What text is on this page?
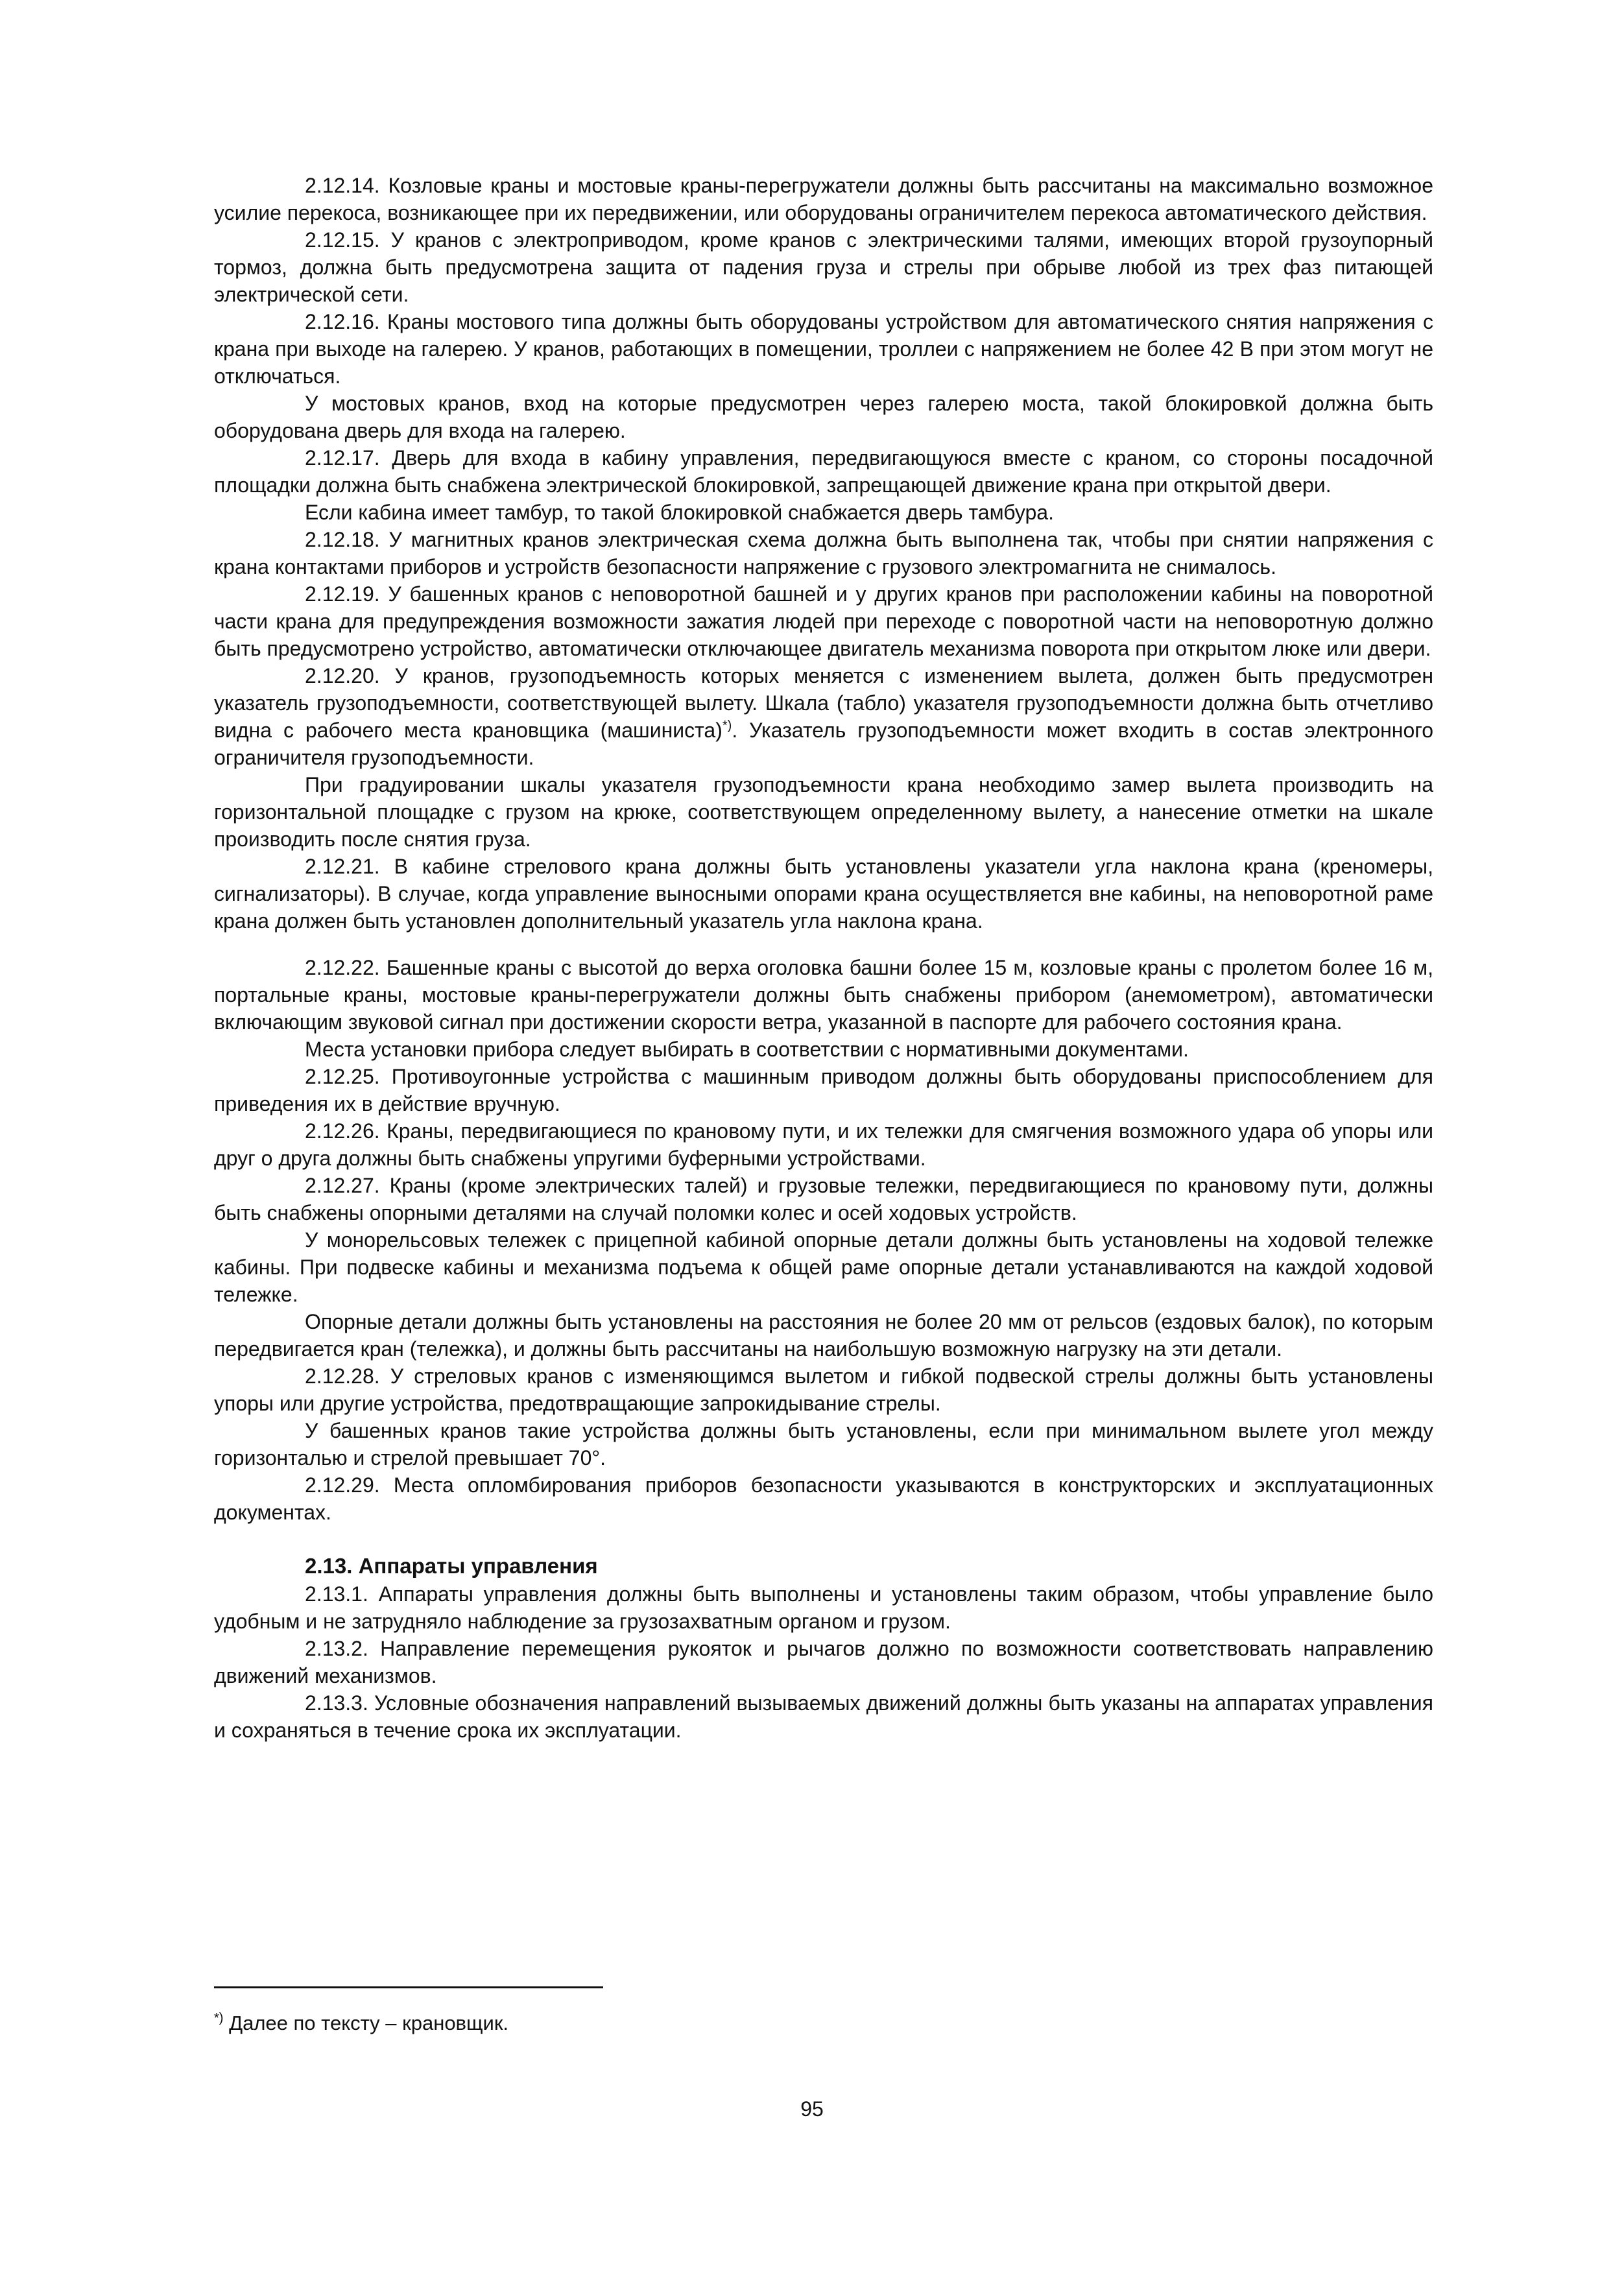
2.12.14. Козловые краны и мостовые краны-перегружатели должны быть рассчитаны на максимально возможное усилие перекоса, возникающее при их передвижении, или оборудованы ограничителем перекоса автоматического действия.

2.12.15. У кранов с электроприводом, кроме кранов с электрическими талями, имеющих второй грузоупорный тормоз, должна быть предусмотрена защита от падения груза и стрелы при обрыве любой из трех фаз питающей электрической сети.

2.12.16. Краны мостового типа должны быть оборудованы устройством для автоматического снятия напряжения с крана при выходе на галерею. У кранов, работающих в помещении, троллеи с напряжением не более 42 В при этом могут не отключаться.

У мостовых кранов, вход на которые предусмотрен через галерею моста, такой блокировкой должна быть оборудована дверь для входа на галерею.

2.12.17. Дверь для входа в кабину управления, передвигающуюся вместе с краном, со стороны посадочной площадки должна быть снабжена электрической блокировкой, запрещающей движение крана при открытой двери.

Если кабина имеет тамбур, то такой блокировкой снабжается дверь тамбура.

2.12.18. У магнитных кранов электрическая схема должна быть выполнена так, чтобы при снятии напряжения с крана контактами приборов и устройств безопасности напряжение с грузового электромагнита не снималось.

2.12.19. У башенных кранов с неповоротной башней и у других кранов при расположении кабины на поворотной части крана для предупреждения возможности зажатия людей при переходе с поворотной части на неповоротную должно быть предусмотрено устройство, автоматически отключающее двигатель механизма поворота при открытом люке или двери.

2.12.20. У кранов, грузоподъемность которых меняется с изменением вылета, должен быть предусмотрен указатель грузоподъемности, соответствующей вылету. Шкала (табло) указателя грузоподъемности должна быть отчетливо видна с рабочего места крановщика (машиниста)*). Указатель грузоподъемности может входить в состав электронного ограничителя грузоподъемности.

При градуировании шкалы указателя грузоподъемности крана необходимо замер вылета производить на горизонтальной площадке с грузом на крюке, соответствующем определенному вылету, а нанесение отметки на шкале производить после снятия груза.

2.12.21. В кабине стрелового крана должны быть установлены указатели угла наклона крана (креномеры, сигнализаторы). В случае, когда управление выносными опорами крана осуществляется вне кабины, на неповоротной раме крана должен быть установлен дополнительный указатель угла наклона крана.

2.12.22. Башенные краны с высотой до верха оголовка башни более 15 м, козловые краны с пролетом более 16 м, портальные краны, мостовые краны-перегружатели должны быть снабжены прибором (анемометром), автоматически включающим звуковой сигнал при достижении скорости ветра, указанной в паспорте для рабочего состояния крана.

Места установки прибора следует выбирать в соответствии с нормативными документами.

2.12.25. Противоугонные устройства с машинным приводом должны быть оборудованы приспособлением для приведения их в действие вручную.

2.12.26. Краны, передвигающиеся по крановому пути, и их тележки для смягчения возможного удара об упоры или друг о друга должны быть снабжены упругими буферными устройствами.

2.12.27. Краны (кроме электрических талей) и грузовые тележки, передвигающиеся по крановому пути, должны быть снабжены опорными деталями на случай поломки колес и осей ходовых устройств.

У монорельсовых тележек с прицепной кабиной опорные детали должны быть установлены на ходовой тележке кабины. При подвеске кабины и механизма подъема к общей раме опорные детали устанавливаются на каждой ходовой тележке.

Опорные детали должны быть установлены на расстояния не более 20 мм от рельсов (ездовых балок), по которым передвигается кран (тележка), и должны быть рассчитаны на наибольшую возможную нагрузку на эти детали.

2.12.28. У стреловых кранов с изменяющимся вылетом и гибкой подвеской стрелы должны быть установлены упоры или другие устройства, предотвращающие запрокидывание стрелы.

У башенных кранов такие устройства должны быть установлены, если при минимальном вылете угол между горизонталью и стрелой превышает 70°.

2.12.29. Места опломбирования приборов безопасности указываются в конструкторских и эксплуатационных документах.

2.13. Аппараты управления

2.13.1. Аппараты управления должны быть выполнены и установлены таким образом, чтобы управление было удобным и не затрудняло наблюдение за грузозахватным органом и грузом.

2.13.2. Направление перемещения рукояток и рычагов должно по возможности соответствовать направлению движений механизмов.

2.13.3. Условные обозначения направлений вызываемых движений должны быть указаны на аппаратах управления и сохраняться в течение срока их эксплуатации.

*) Далее по тексту – крановщик.

95
